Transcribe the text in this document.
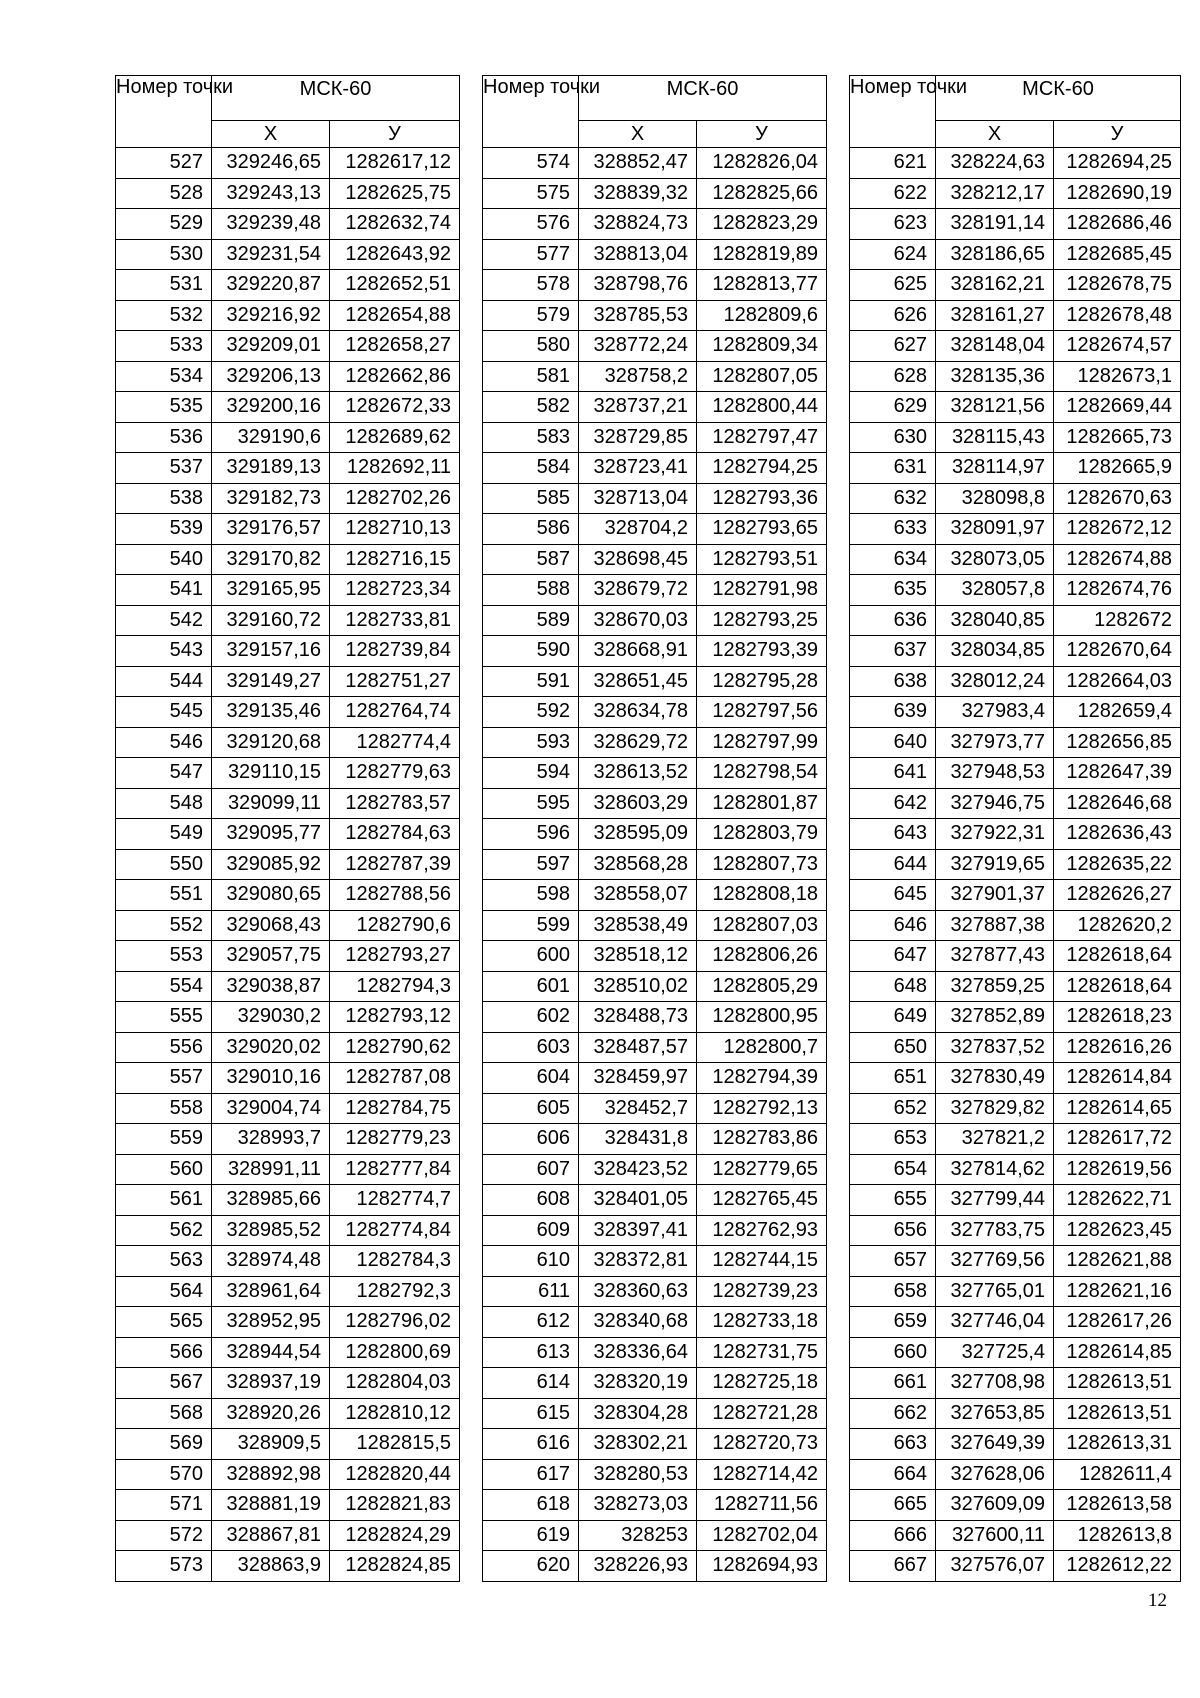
Номер точки	МСК-60	
	Х	У
527	329246,65	1282617,12
528	329243,13	1282625,75
529	329239,48	1282632,74
530	329231,54	1282643,92
531	329220,87	1282652,51
532	329216,92	1282654,88
533	329209,01	1282658,27
534	329206,13	1282662,86
535	329200,16	1282672,33
536	329190,6	1282689,62
537	329189,13	1282692,11
538	329182,73	1282702,26
539	329176,57	1282710,13
540	329170,82	1282716,15
541	329165,95	1282723,34
542	329160,72	1282733,81
543	329157,16	1282739,84
544	329149,27	1282751,27
545	329135,46	1282764,74
546	329120,68	1282774,4
547	329110,15	1282779,63
548	329099,11	1282783,57
549	329095,77	1282784,63
550	329085,92	1282787,39
551	329080,65	1282788,56
552	329068,43	1282790,6
553	329057,75	1282793,27
554	329038,87	1282794,3
555	329030,2	1282793,12
556	329020,02	1282790,62
557	329010,16	1282787,08
558	329004,74	1282784,75
559	328993,7	1282779,23
560	328991,11	1282777,84
561	328985,66	1282774,7
562	328985,52	1282774,84
563	328974,48	1282784,3
564	328961,64	1282792,3
565	328952,95	1282796,02
566	328944,54	1282800,69
567	328937,19	1282804,03
568	328920,26	1282810,12
569	328909,5	1282815,5
570	328892,98	1282820,44
571	328881,19	1282821,83
572	328867,81	1282824,29
573	328863,9	1282824,85
Номер точки	МСК-60	
	Х	У
574	328852,47	1282826,04
575	328839,32	1282825,66
576	328824,73	1282823,29
577	328813,04	1282819,89
578	328798,76	1282813,77
579	328785,53	1282809,6
580	328772,24	1282809,34
581	328758,2	1282807,05
582	328737,21	1282800,44
583	328729,85	1282797,47
584	328723,41	1282794,25
585	328713,04	1282793,36
586	328704,2	1282793,65
587	328698,45	1282793,51
588	328679,72	1282791,98
589	328670,03	1282793,25
590	328668,91	1282793,39
591	328651,45	1282795,28
592	328634,78	1282797,56
593	328629,72	1282797,99
594	328613,52	1282798,54
595	328603,29	1282801,87
596	328595,09	1282803,79
597	328568,28	1282807,73
598	328558,07	1282808,18
599	328538,49	1282807,03
600	328518,12	1282806,26
601	328510,02	1282805,29
602	328488,73	1282800,95
603	328487,57	1282800,7
604	328459,97	1282794,39
605	328452,7	1282792,13
606	328431,8	1282783,86
607	328423,52	1282779,65
608	328401,05	1282765,45
609	328397,41	1282762,93
610	328372,81	1282744,15
611	328360,63	1282739,23
612	328340,68	1282733,18
613	328336,64	1282731,75
614	328320,19	1282725,18
615	328304,28	1282721,28
616	328302,21	1282720,73
617	328280,53	1282714,42
618	328273,03	1282711,56
619	328253	1282702,04
620	328226,93	1282694,93
Номер точки	МСК-60	
	Х	У
621	328224,63	1282694,25
622	328212,17	1282690,19
623	328191,14	1282686,46
624	328186,65	1282685,45
625	328162,21	1282678,75
626	328161,27	1282678,48
627	328148,04	1282674,57
628	328135,36	1282673,1
629	328121,56	1282669,44
630	328115,43	1282665,73
631	328114,97	1282665,9
632	328098,8	1282670,63
633	328091,97	1282672,12
634	328073,05	1282674,88
635	328057,8	1282674,76
636	328040,85	1282672
637	328034,85	1282670,64
638	328012,24	1282664,03
639	327983,4	1282659,4
640	327973,77	1282656,85
641	327948,53	1282647,39
642	327946,75	1282646,68
643	327922,31	1282636,43
644	327919,65	1282635,22
645	327901,37	1282626,27
646	327887,38	1282620,2
647	327877,43	1282618,64
648	327859,25	1282618,64
649	327852,89	1282618,23
650	327837,52	1282616,26
651	327830,49	1282614,84
652	327829,82	1282614,65
653	327821,2	1282617,72
654	327814,62	1282619,56
655	327799,44	1282622,71
656	327783,75	1282623,45
657	327769,56	1282621,88
658	327765,01	1282621,16
659	327746,04	1282617,26
660	327725,4	1282614,85
661	327708,98	1282613,51
662	327653,85	1282613,51
663	327649,39	1282613,31
664	327628,06	1282611,4
665	327609,09	1282613,58
666	327600,11	1282613,8
667	327576,07	1282612,22
12
